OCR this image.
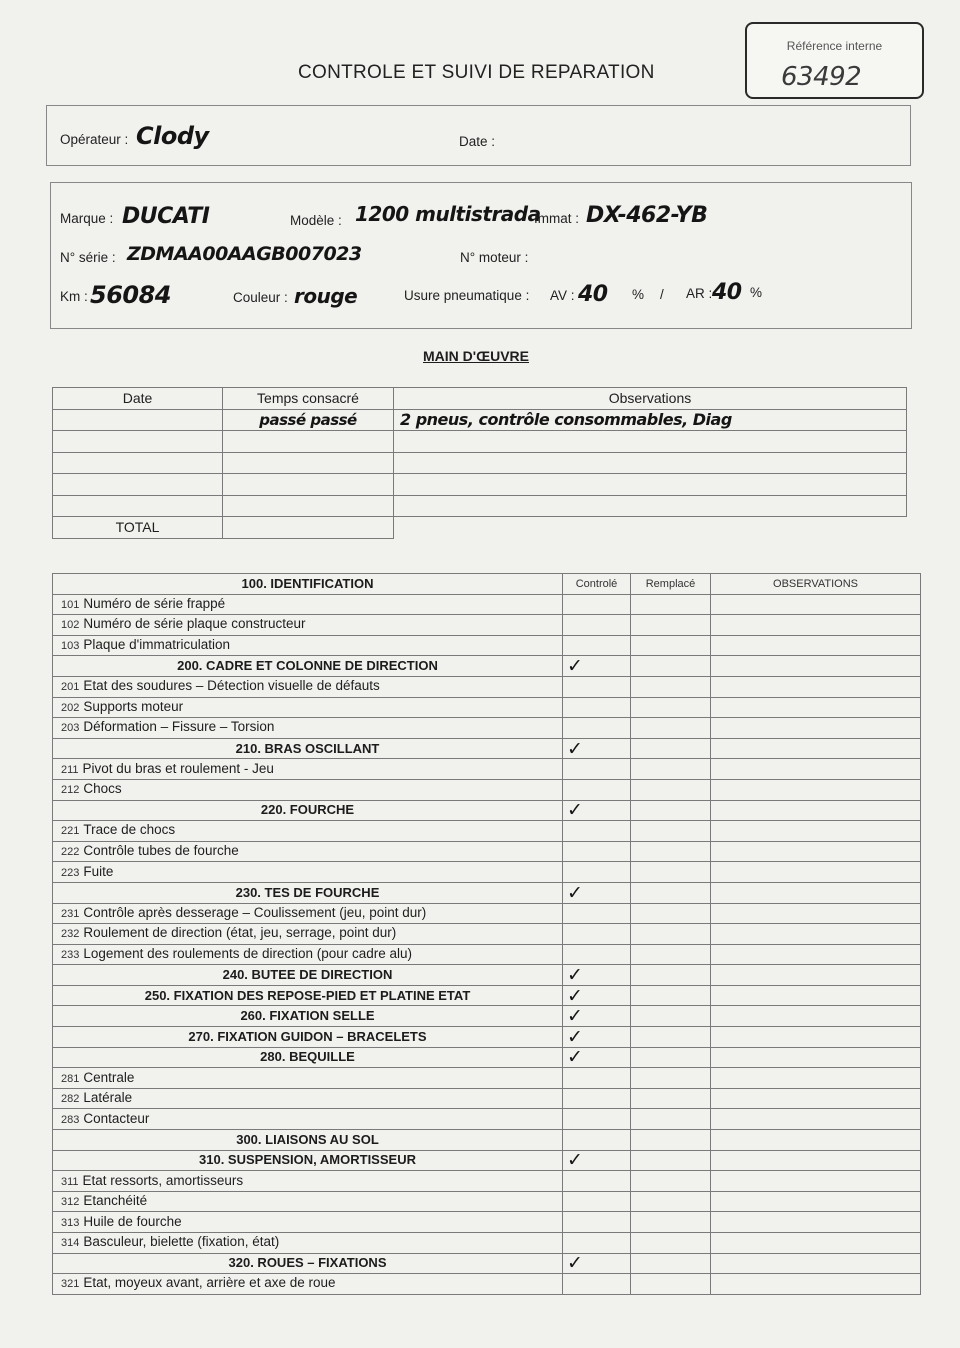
CONTROLE ET SUIVI DE REPARATION
Référence interne
63492
Opérateur : Clody	Date :
Marque : DUCATI	Modèle : 1200 multistrada
Immat : DX-462-YB
N° série : ZDMAA00AAGB007023	N° moteur :
Km : 56084	Couleur : rouge	Usure pneumatique : AV : 40 % / AR : 40 %
MAIN D'ŒUVRE
Date	Temps consacré	Observations
	passé passé	2 pneus, contrôle consommables, Diag

TOTAL		
100. IDENTIFICATION	Controlé	Remplacé	OBSERVATIONS
101 Numéro de série frappé			
102 Numéro de série plaque constructeur			
103 Plaque d'immatriculation			
200. CADRE ET COLONNE DE DIRECTION	✓		
201 Etat des soudures – Détection visuelle de défauts			
202 Supports moteur			
203 Déformation – Fissure – Torsion			
210. BRAS OSCILLANT	✓		
211 Pivot du bras et roulement - Jeu			
212 Chocs			
220. FOURCHE	✓		
221 Trace de chocs			
222 Contrôle tubes de fourche			
223 Fuite			
230. TES DE FOURCHE	✓		
231 Contrôle après desserage – Coulissement (jeu, point dur)			
232 Roulement de direction (état, jeu, serrage, point dur)			
233 Logement des roulements de direction (pour cadre alu)			
240. BUTEE DE DIRECTION	✓		
250. FIXATION DES REPOSE-PIED ET PLATINE ETAT	✓		
260. FIXATION SELLE	✓		
270. FIXATION GUIDON – BRACELETS	✓		
280. BEQUILLE	✓		
281 Centrale			
282 Latérale			
283 Contacteur			
300. LIAISONS AU SOL			
310. SUSPENSION, AMORTISSEUR	✓		
311 Etat ressorts, amortisseurs			
312 Etanchéité			
313 Huile de fourche			
314 Basculeur, bielette (fixation, état)			
320. ROUES – FIXATIONS	✓		
321 Etat, moyeux avant, arrière et axe de roue			
